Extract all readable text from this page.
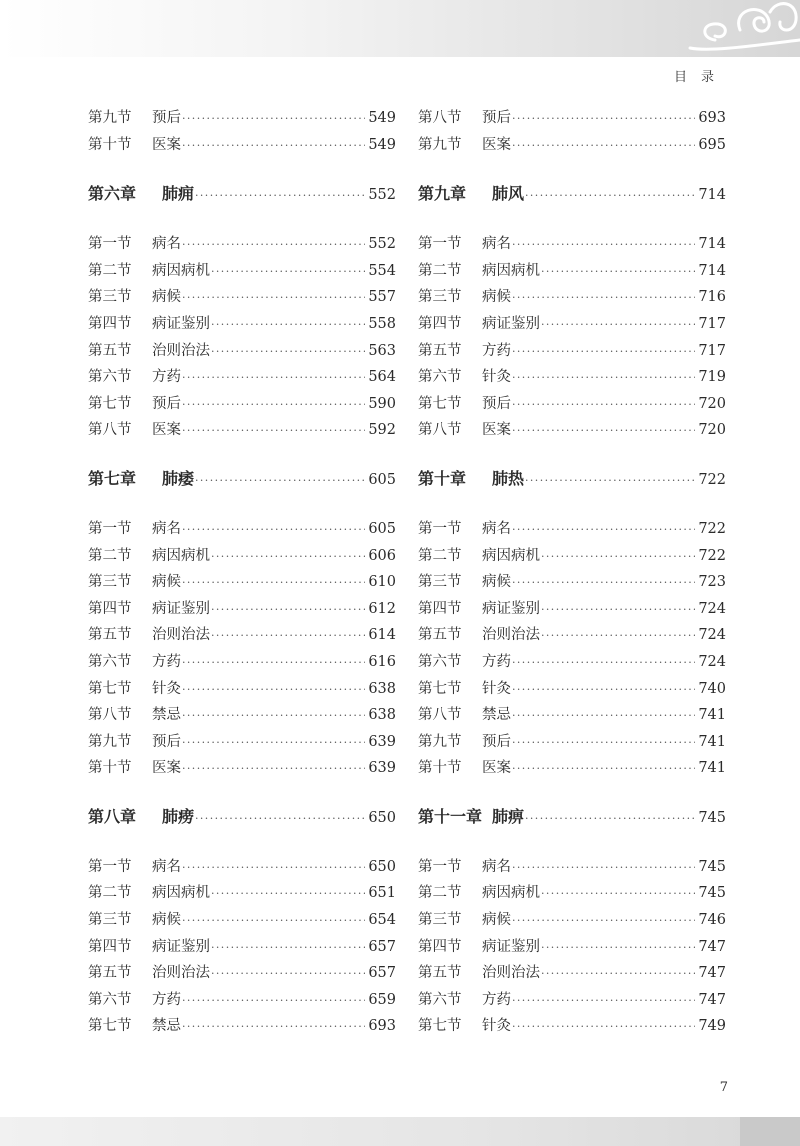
目录
第九节	预后 ·····	549
第十节	医案 ·····	549
第六章	肺痈 ·····	552
第一节	病名 ·····	552
第二节	病因病机 ·····	554
第三节	病候 ·····	557
第四节	病证鉴别 ·····	558
第五节	治则治法 ·····	563
第六节	方药 ·····	564
第七节	预后 ·····	590
第八节	医案 ·····	592
第七章	肺痿 ·····	605
第一节	病名 ·····	605
第二节	病因病机 ·····	606
第三节	病候 ·····	610
第四节	病证鉴别 ·····	612
第五节	治则治法 ·····	614
第六节	方药 ·····	616
第七节	针灸 ·····	638
第八节	禁忌 ·····	638
第九节	预后 ·····	639
第十节	医案 ·····	639
第八章	肺痨 ·····	650
第一节	病名 ·····	650
第二节	病因病机 ·····	651
第三节	病候 ·····	654
第四节	病证鉴别 ·····	657
第五节	治则治法 ·····	657
第六节	方药 ·····	659
第七节	禁忌 ·····	693
第八节	预后 ·····	693
第九节	医案 ·····	695
第九章	肺风 ·····	714
第一节	病名 ·····	714
第二节	病因病机 ·····	714
第三节	病候 ·····	716
第四节	病证鉴别 ·····	717
第五节	方药 ·····	717
第六节	针灸 ·····	719
第七节	预后 ·····	720
第八节	医案 ·····	720
第十章	肺热 ·····	722
第一节	病名 ·····	722
第二节	病因病机 ·····	722
第三节	病候 ·····	723
第四节	病证鉴别 ·····	724
第五节	治则治法 ·····	724
第六节	方药 ·····	724
第七节	针灸 ·····	740
第八节	禁忌 ·····	741
第九节	预后 ·····	741
第十节	医案 ·····	741
第十一章 肺痹 ·····	745
第一节	病名 ·····	745
第二节	病因病机 ·····	745
第三节	病候 ·····	746
第四节	病证鉴别 ·····	747
第五节	治则治法 ·····	747
第六节	方药 ·····	747
第七节	针灸 ·····	749
7
